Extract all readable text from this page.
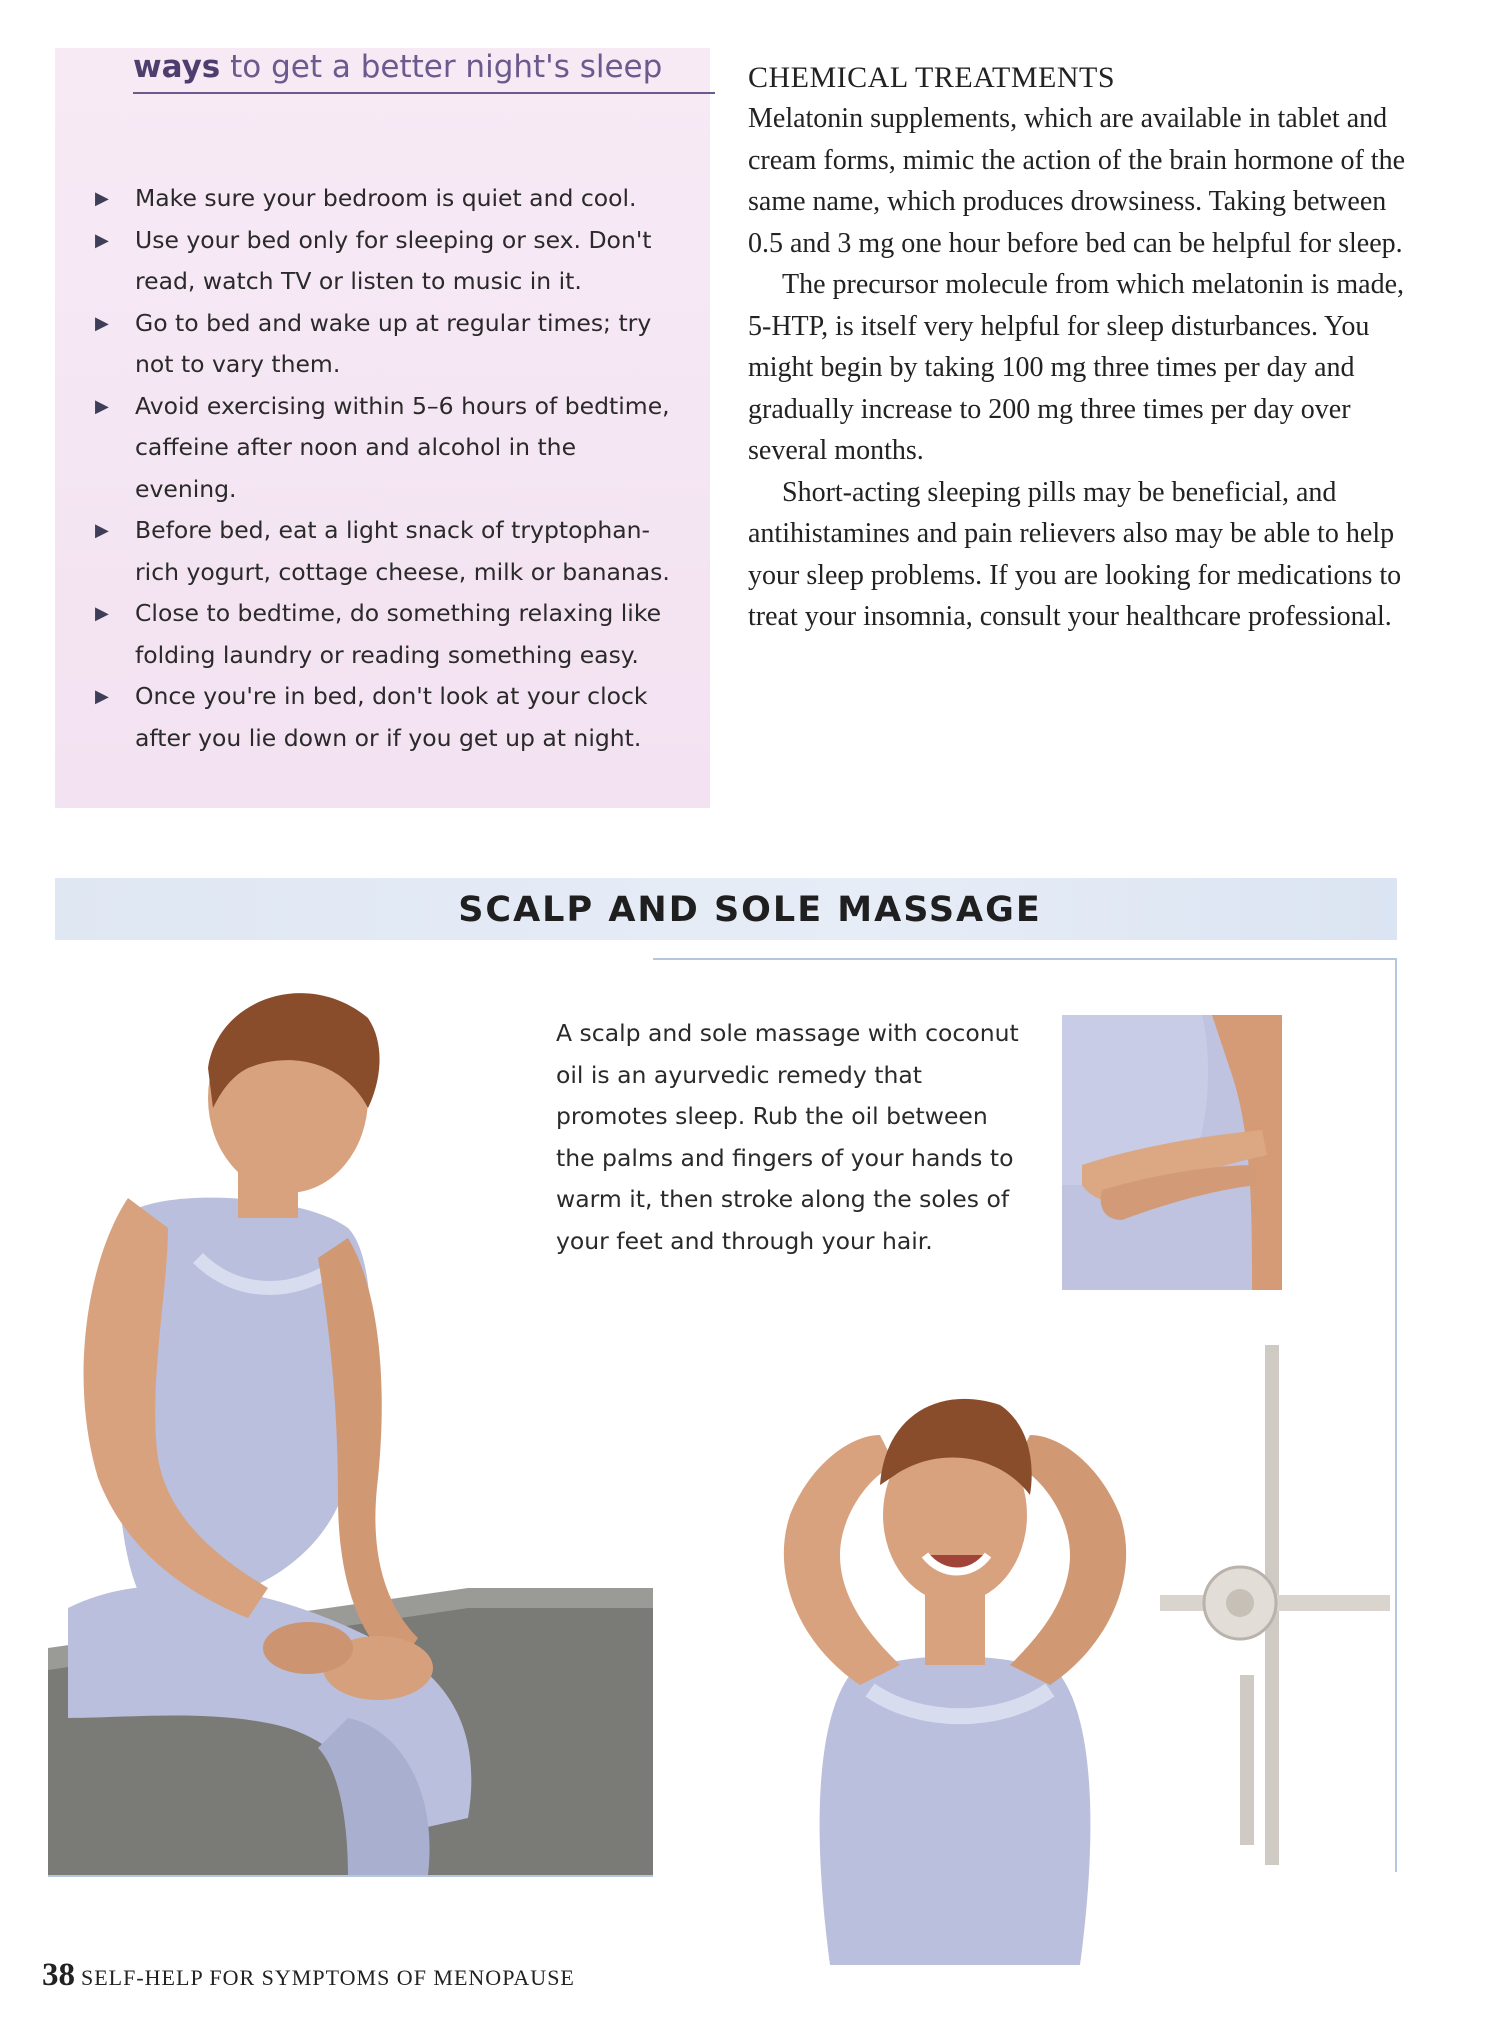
ways to get a better night's sleep
▶ Make sure your bedroom is quiet and cool.
▶ Use your bed only for sleeping or sex. Don't read, watch TV or listen to music in it.
▶ Go to bed and wake up at regular times; try not to vary them.
▶ Avoid exercising within 5–6 hours of bedtime, caffeine after noon and alcohol in the evening.
▶ Before bed, eat a light snack of tryptophan-rich yogurt, cottage cheese, milk or bananas.
▶ Close to bedtime, do something relaxing like folding laundry or reading something easy.
▶ Once you're in bed, don't look at your clock after you lie down or if you get up at night.
CHEMICAL TREATMENTS

Melatonin supplements, which are available in tablet and cream forms, mimic the action of the brain hormone of the same name, which produces drowsiness. Taking between 0.5 and 3 mg one hour before bed can be helpful for sleep.

The precursor molecule from which melatonin is made, 5-HTP, is itself very helpful for sleep disturbances. You might begin by taking 100 mg three times per day and gradually increase to 200 mg three times per day over several months.

Short-acting sleeping pills may be beneficial, and antihistamines and pain relievers also may be able to help your sleep problems. If you are looking for medications to treat your insomnia, consult your healthcare professional.

SCALP AND SOLE MASSAGE

A scalp and sole massage with coconut oil is an ayurvedic remedy that promotes sleep. Rub the oil between the palms and fingers of your hands to warm it, then stroke along the soles of your feet and through your hair.

38 SELF-HELP FOR SYMPTOMS OF MENOPAUSE
